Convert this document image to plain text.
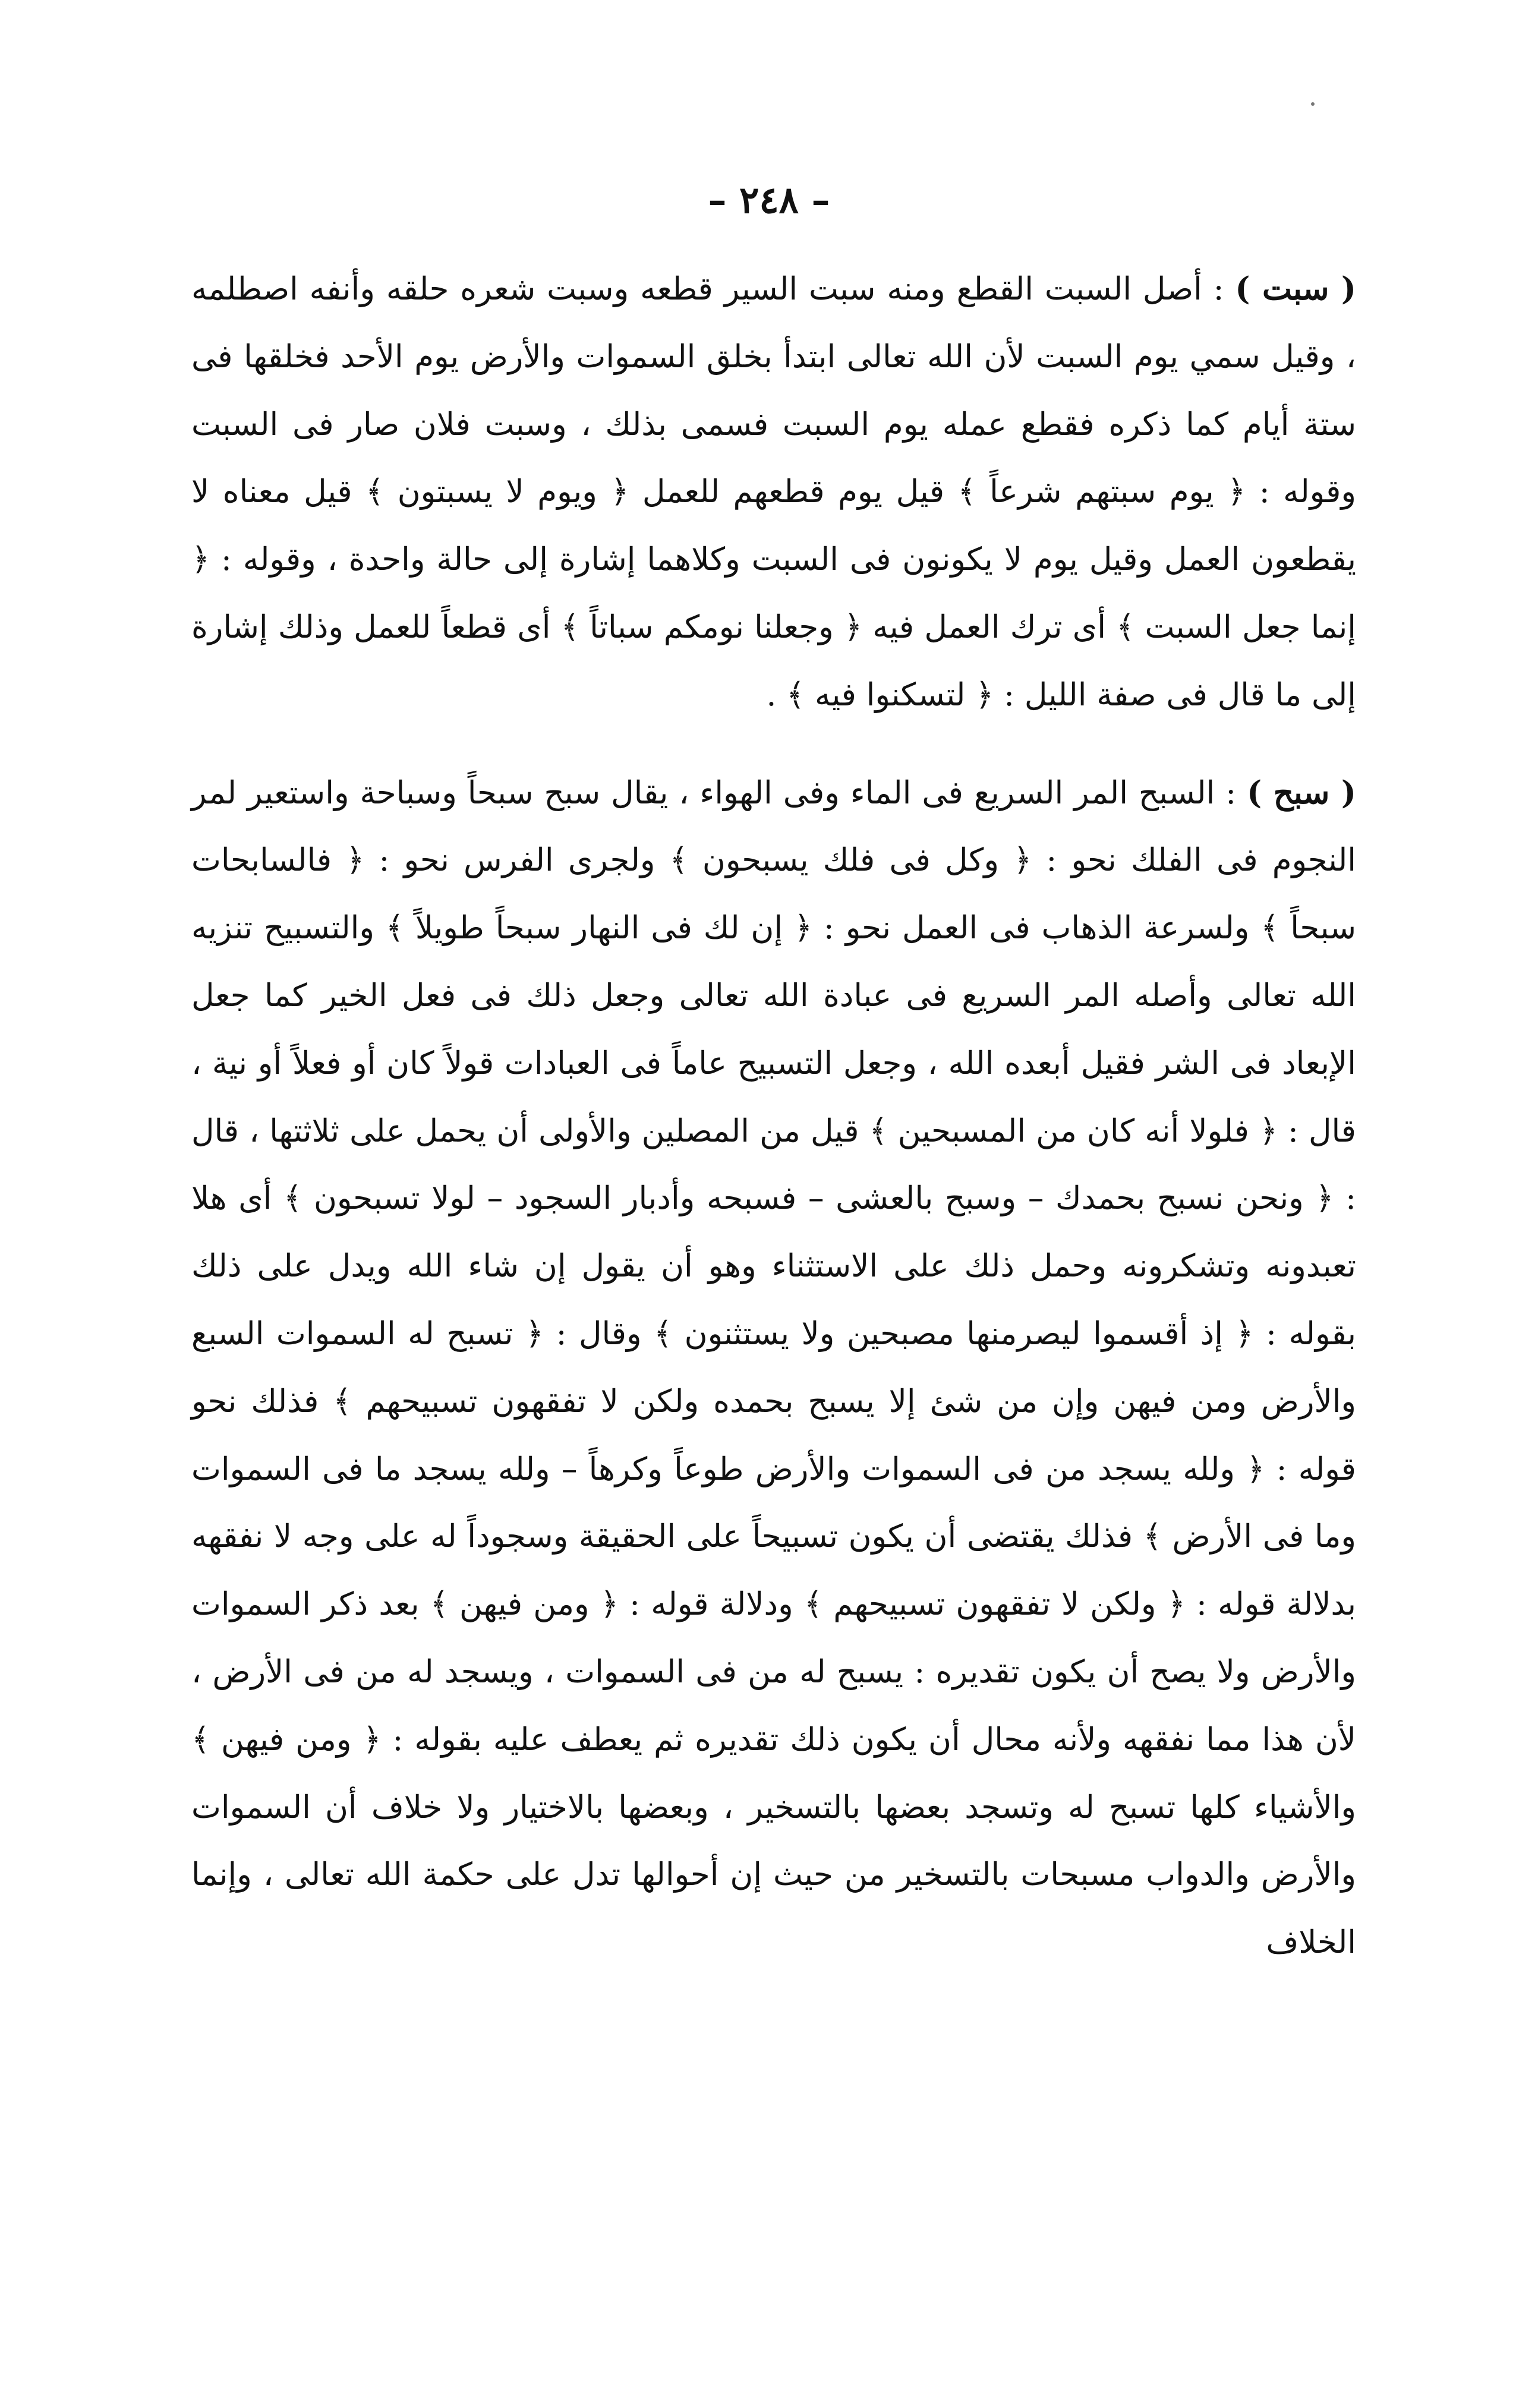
– ٢٤٨ –

( سبت ) : أصل السبت القطع ومنه سبت السير قطعه وسبت شعره حلقه وأنفه اصطلمه ، وقيل سمي يوم السبت لأن الله تعالى ابتدأ بخلق السموات والأرض يوم الأحد فخلقها فى ستة أيام كما ذكره فقطع عمله يوم السبت فسمى بذلك ، وسبت فلان صار فى السبت وقوله : ﴿ يوم سبتهم شرعاً ﴾ قيل يوم قطعهم للعمل ﴿ ويوم لا يسبتون ﴾ قيل معناه لا يقطعون العمل وقيل يوم لا يكونون فى السبت وكلاهما إشارة إلى حالة واحدة ، وقوله : ﴿ إنما جعل السبت ﴾ أى ترك العمل فيه ﴿ وجعلنا نومكم سباتاً ﴾ أى قطعاً للعمل وذلك إشارة إلى ما قال فى صفة الليل : ﴿ لتسكنوا فيه ﴾ .

( سبح ) : السبح المر السريع فى الماء وفى الهواء ، يقال سبح سبحاً وسباحة واستعير لمر النجوم فى الفلك نحو : ﴿ وكل فى فلك يسبحون ﴾ ولجرى الفرس نحو : ﴿ فالسابحات سبحاً ﴾ ولسرعة الذهاب فى العمل نحو : ﴿ إن لك فى النهار سبحاً طويلاً ﴾ والتسبيح تنزيه الله تعالى وأصله المر السريع فى عبادة الله تعالى وجعل ذلك فى فعل الخير كما جعل الإبعاد فى الشر فقيل أبعده الله ، وجعل التسبيح عاماً فى العبادات قولاً كان أو فعلاً أو نية ، قال : ﴿ فلولا أنه كان من المسبحين ﴾ قيل من المصلين والأولى أن يحمل على ثلاثتها ، قال : ﴿ ونحن نسبح بحمدك – وسبح بالعشى – فسبحه وأدبار السجود – لولا تسبحون ﴾ أى هلا تعبدونه وتشكرونه وحمل ذلك على الاستثناء وهو أن يقول إن شاء الله ويدل على ذلك بقوله : ﴿ إذ أقسموا ليصرمنها مصبحين ولا يستثنون ﴾ وقال : ﴿ تسبح له السموات السبع والأرض ومن فيهن وإن من شئ إلا يسبح بحمده ولكن لا تفقهون تسبيحهم ﴾ فذلك نحو قوله : ﴿ ولله يسجد من فى السموات والأرض طوعاً وكرهاً – ولله يسجد ما فى السموات وما فى الأرض ﴾ فذلك يقتضى أن يكون تسبيحاً على الحقيقة وسجوداً له على وجه لا نفقهه بدلالة قوله : ﴿ ولكن لا تفقهون تسبيحهم ﴾ ودلالة قوله : ﴿ ومن فيهن ﴾ بعد ذكر السموات والأرض ولا يصح أن يكون تقديره : يسبح له من فى السموات ، ويسجد له من فى الأرض ، لأن هذا مما نفقهه ولأنه محال أن يكون ذلك تقديره ثم يعطف عليه بقوله : ﴿ ومن فيهن ﴾ والأشياء كلها تسبح له وتسجد بعضها بالتسخير ، وبعضها بالاختيار ولا خلاف أن السموات والأرض والدواب مسبحات بالتسخير من حيث إن أحوالها تدل على حكمة الله تعالى ، وإنما الخلاف
